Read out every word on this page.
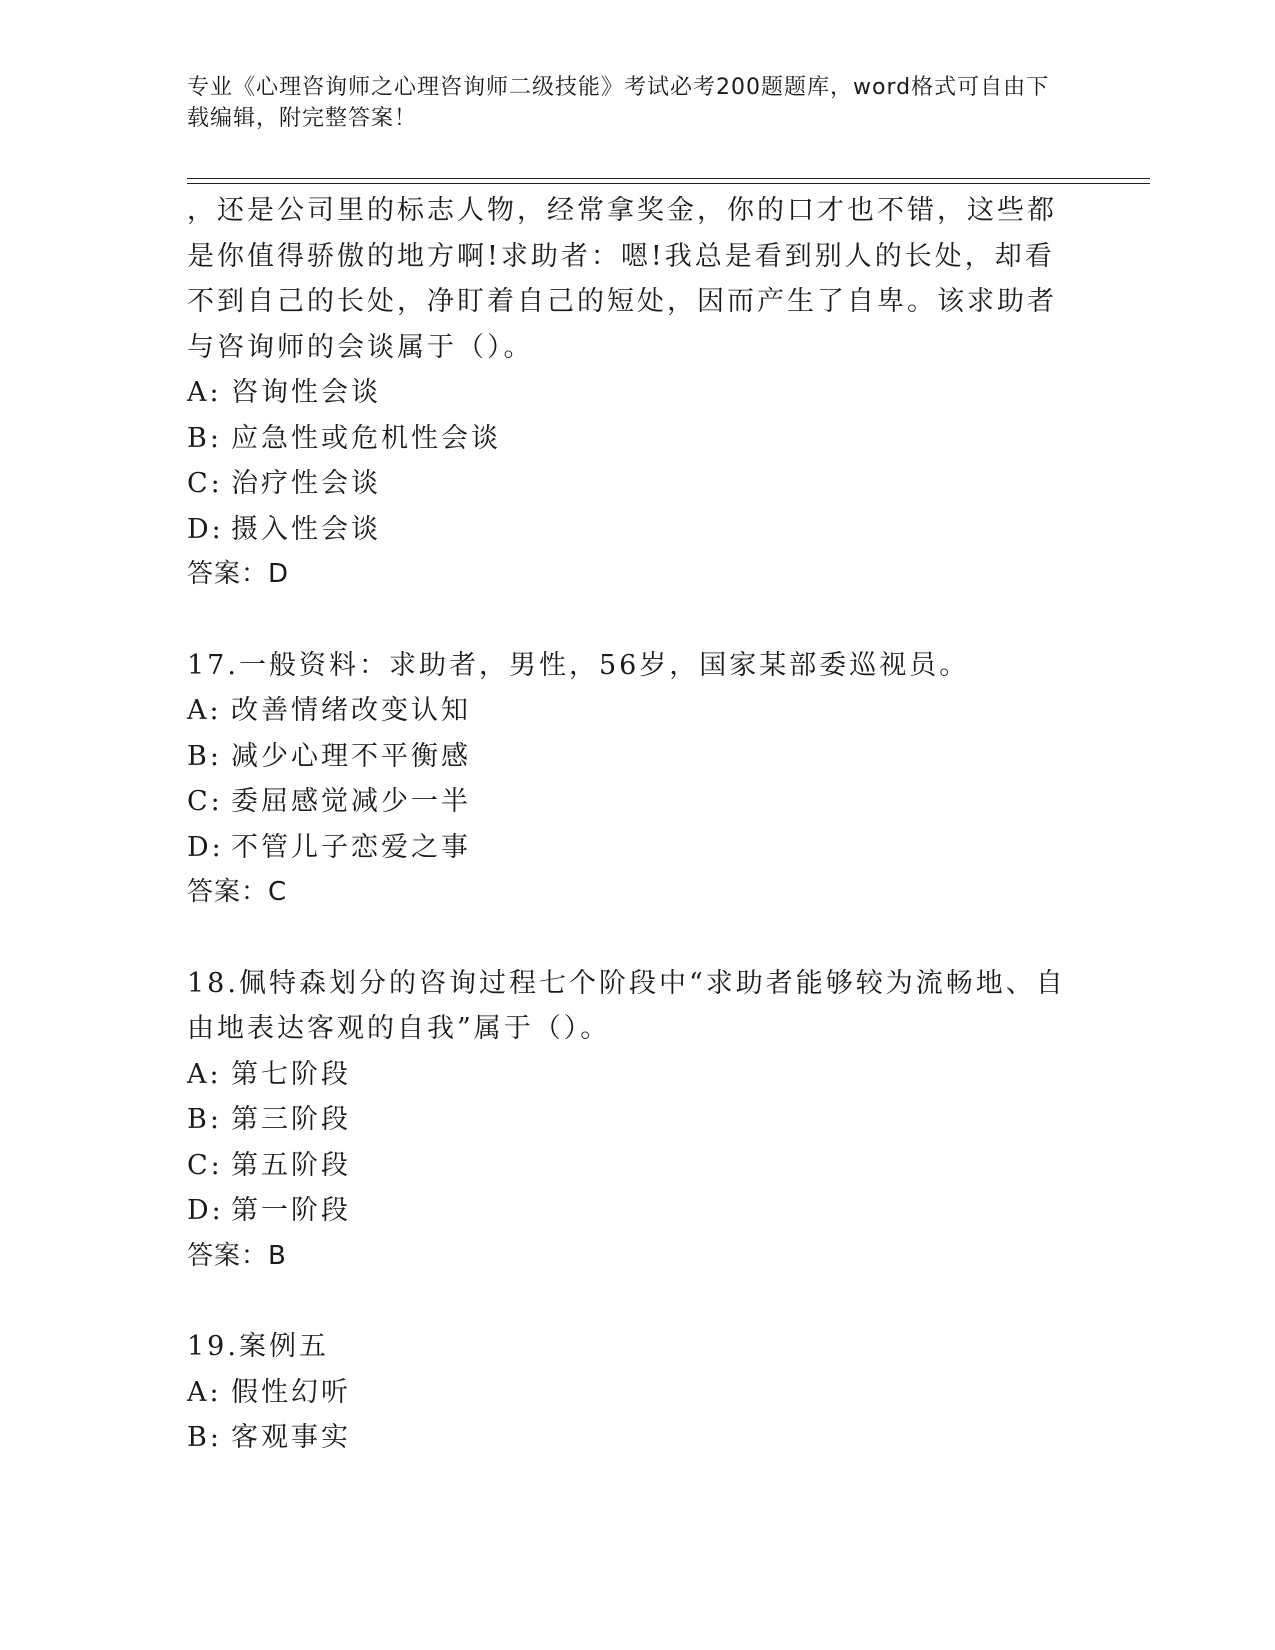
专业《心理咨询师之心理咨询师二级技能》考试必考200题题库，word格式可自由下载编辑，附完整答案！
，还是公司里的标志人物，经常拿奖金，你的口才也不错，这些都是你值得骄傲的地方啊!求助者：嗯!我总是看到别人的长处，却看不到自己的长处，净盯着自己的短处，因而产生了自卑。该求助者与咨询师的会谈属于（）。
A: 咨询性会谈
B: 应急性或危机性会谈
C: 治疗性会谈
D: 摄入性会谈
答案：D
17.一般资料：求助者，男性，56岁，国家某部委巡视员。
A: 改善情绪改变认知
B: 减少心理不平衡感
C: 委屈感觉减少一半
D: 不管儿子恋爱之事
答案：C
18.佩特森划分的咨询过程七个阶段中“求助者能够较为流畅地、自由地表达客观的自我”属于（）。
A: 第七阶段
B: 第三阶段
C: 第五阶段
D: 第一阶段
答案：B
19.案例五
A: 假性幻听
B: 客观事实
